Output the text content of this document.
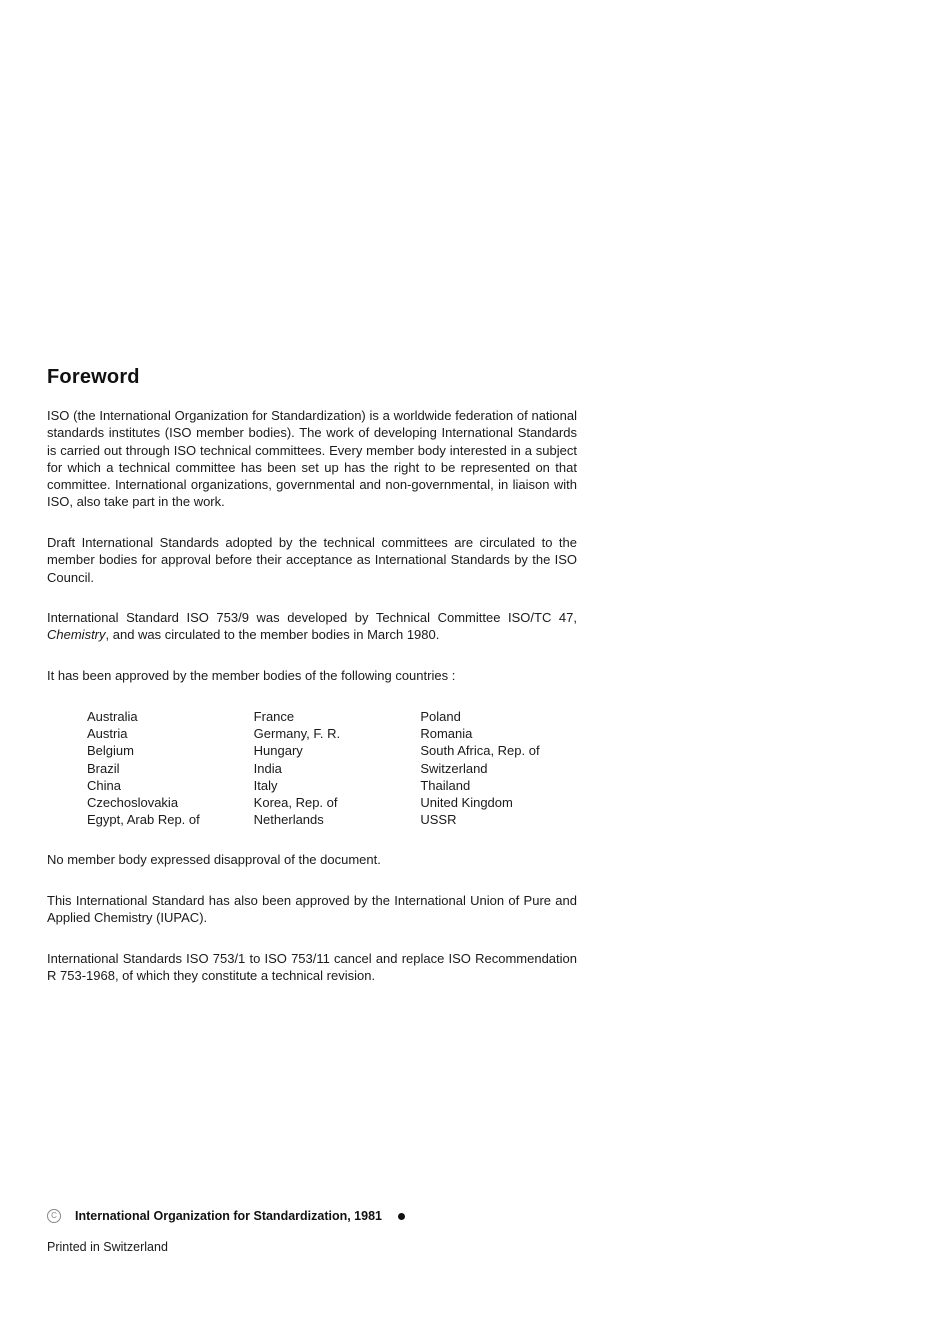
Foreword

ISO (the International Organization for Standardization) is a worldwide federation of national standards institutes (ISO member bodies). The work of developing International Standards is carried out through ISO technical committees. Every member body interested in a subject for which a technical committee has been set up has the right to be represented on that committee. International organizations, governmental and non-governmental, in liaison with ISO, also take part in the work.

Draft International Standards adopted by the technical committees are circulated to the member bodies for approval before their acceptance as International Standards by the ISO Council.

International Standard ISO 753/9 was developed by Technical Committee ISO/TC 47, Chemistry, and was circulated to the member bodies in March 1980.

It has been approved by the member bodies of the following countries :

Australia
Austria
Belgium
Brazil
China
Czechoslovakia
Egypt, Arab Rep. of
France
Germany, F. R.
Hungary
India
Italy
Korea, Rep. of
Netherlands
Poland
Romania
South Africa, Rep. of
Switzerland
Thailand
United Kingdom
USSR

No member body expressed disapproval of the document.

This International Standard has also been approved by the International Union of Pure and Applied Chemistry (IUPAC).

International Standards ISO 753/1 to ISO 753/11 cancel and replace ISO Recommendation R 753-1968, of which they constitute a technical revision.

C	International Organization for Standardization, 1981
Printed in Switzerland
